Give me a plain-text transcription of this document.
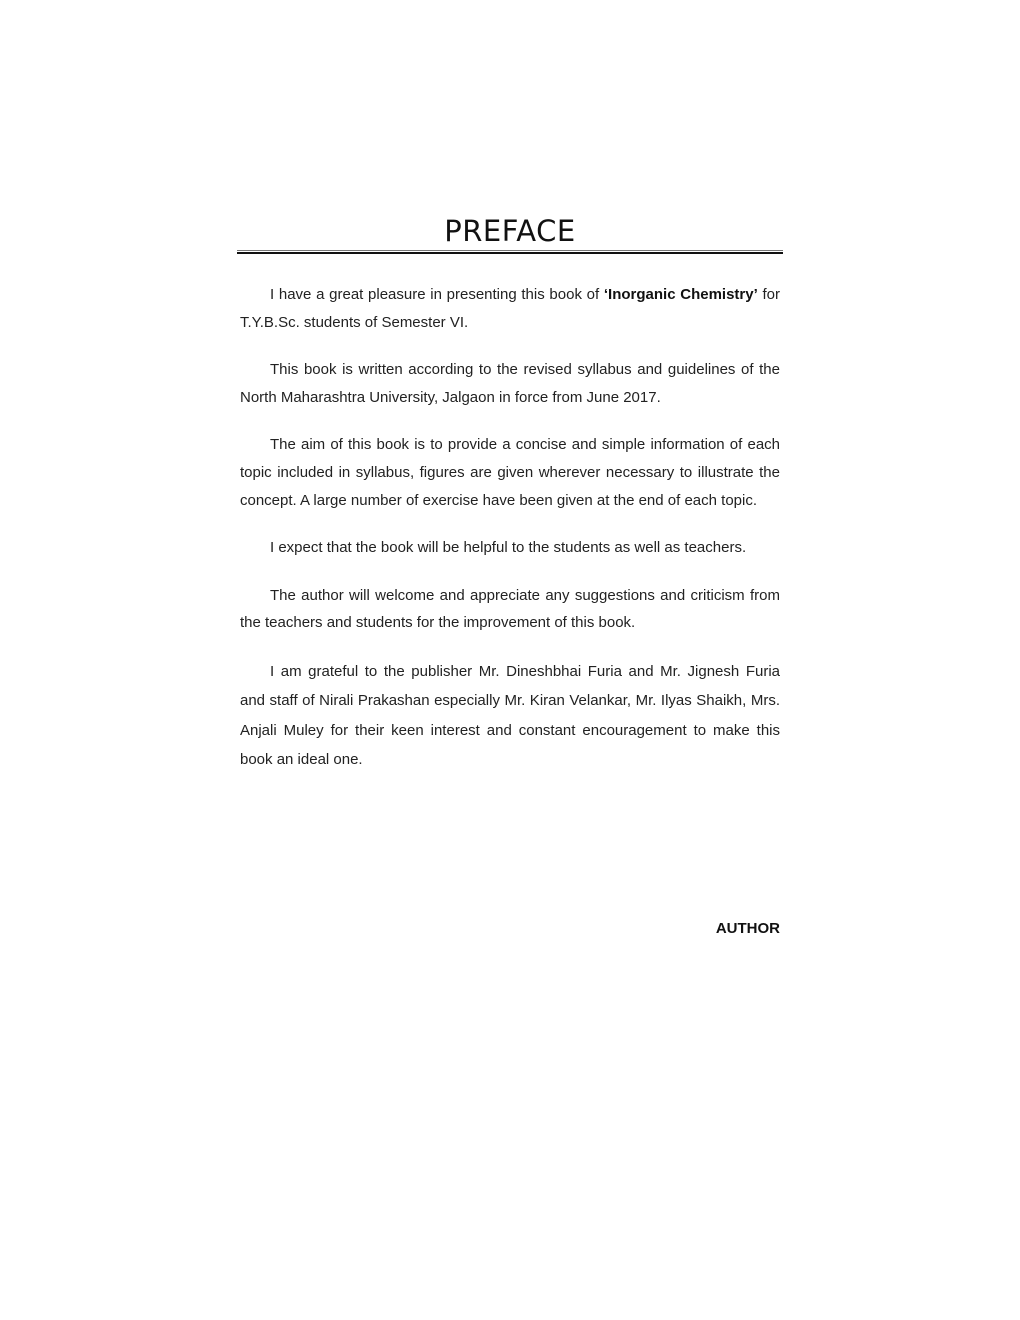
PREFACE

I have a great pleasure in presenting this book of ‘Inorganic Chemistry’ for T.Y.B.Sc. students of Semester VI.

This book is written according to the revised syllabus and guidelines of the North Maharashtra University, Jalgaon in force from June 2017.

The aim of this book is to provide a concise and simple information of each topic included in syllabus, figures are given wherever necessary to illustrate the concept. A large number of exercise have been given at the end of each topic.

I expect that the book will be helpful to the students as well as teachers.

The author will welcome and appreciate any suggestions and criticism from the teachers and students for the improvement of this book.

I am grateful to the publisher Mr. Dineshbhai Furia and Mr. Jignesh Furia and staff of Nirali Prakashan especially Mr. Kiran Velankar, Mr. Ilyas Shaikh, Mrs. Anjali Muley for their keen interest and constant encouragement to make this book an ideal one.

AUTHOR
